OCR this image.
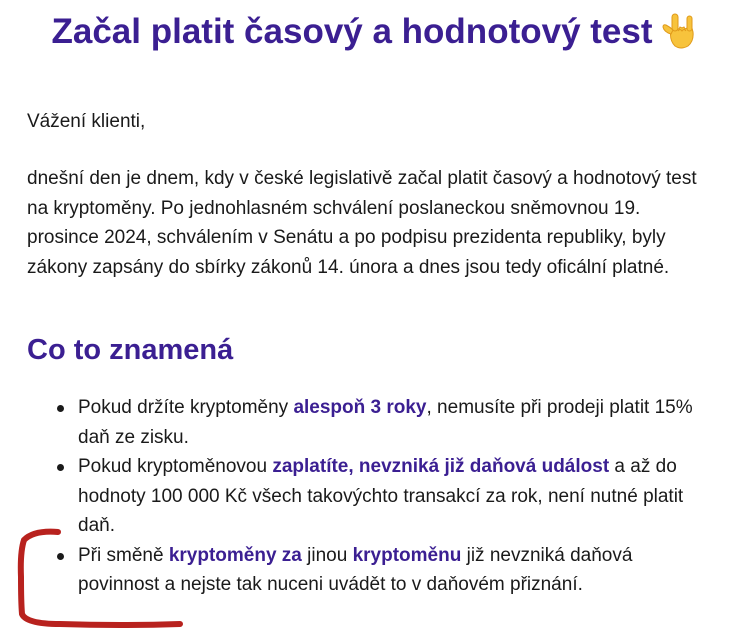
Začal platit časový a hodnotový test

Vážení klienti,

dnešní den je dnem, kdy v české legislativě začal platit časový a hodnotový test
na kryptoměny. Po jednohlasném schválení poslaneckou sněmovnou 19.
prosince 2024, schválením v Senátu a po podpisu prezidenta republiky, byly
zákony zapsány do sbírky zákonů 14. února a dnes jsou tedy oficální platné.

Co to znamená
Pokud držíte kryptoměny alespoň 3 roky, nemusíte při prodeji platit 15%
daň ze zisku.
Pokud kryptoměnovou zaplatíte, nevzniká již daňová událost a až do
hodnoty 100 000 Kč všech takovýchto transakcí za rok, není nutné platit
daň.
Při směně kryptoměny za jinou kryptoměnu již nevzniká daňová
povinnost a nejste tak nuceni uvádět to v daňovém přiznání.
